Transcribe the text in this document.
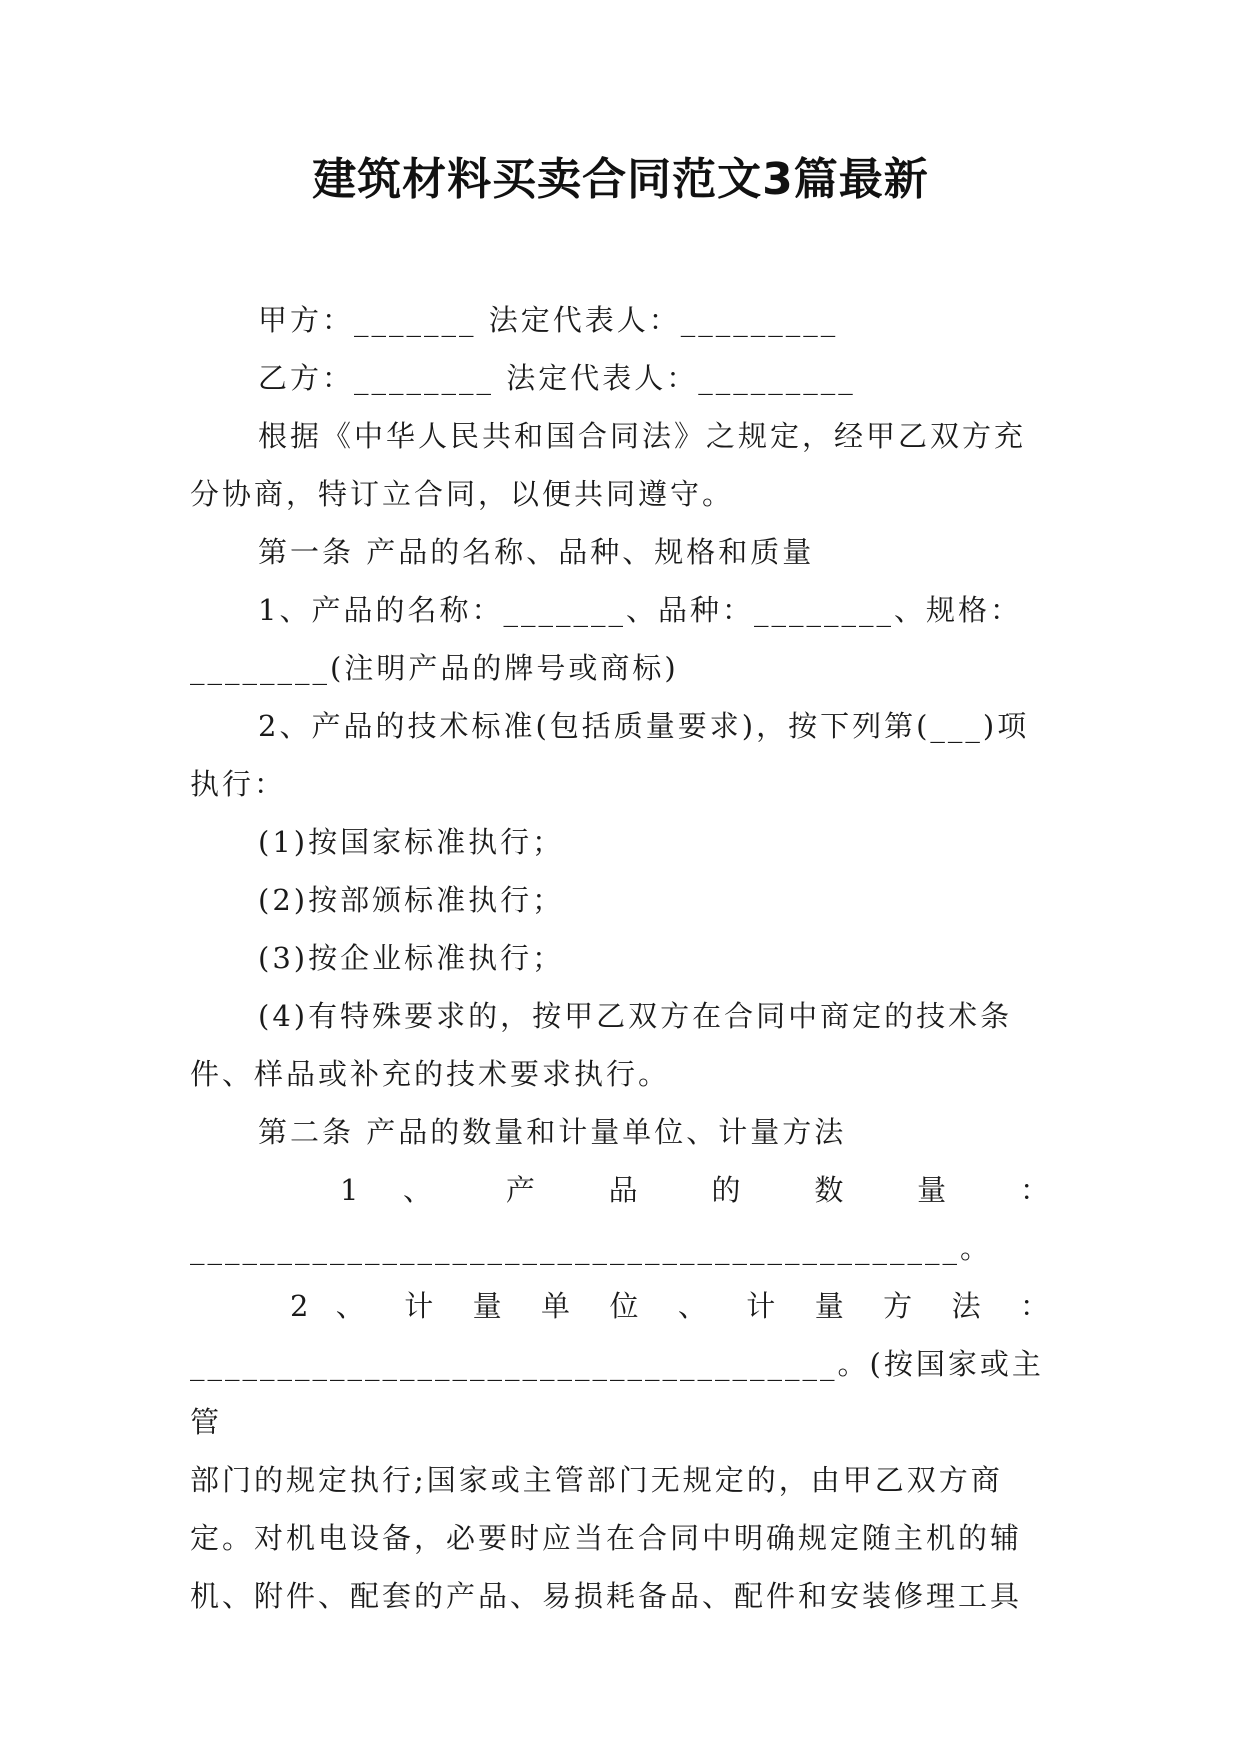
建筑材料买卖合同范文3篇最新

甲方：_______ 法定代表人：_________

乙方：________ 法定代表人：_________

根据《中华人民共和国合同法》之规定，经甲乙双方充

分协商，特订立合同，以便共同遵守。

第一条 产品的名称、品种、规格和质量

1、产品的名称：_______、品种：________、规格：

________(注明产品的牌号或商标)

2、产品的技术标准(包括质量要求)，按下列第(___)项

执行：

(1)按国家标准执行；

(2)按部颁标准执行；

(3)按企业标准执行；

(4)有特殊要求的，按甲乙双方在合同中商定的技术条

件、样品或补充的技术要求执行。

第二条 产品的数量和计量单位、计量方法

1 、 产 品 的 数 量 ：

____________________________________________。

2 、 计 量 单 位 、 计 量 方 法 ：

_____________________________________。(按国家或主管

部门的规定执行;国家或主管部门无规定的，由甲乙双方商

定。对机电设备，必要时应当在合同中明确规定随主机的辅

机、附件、配套的产品、易损耗备品、配件和安装修理工具
